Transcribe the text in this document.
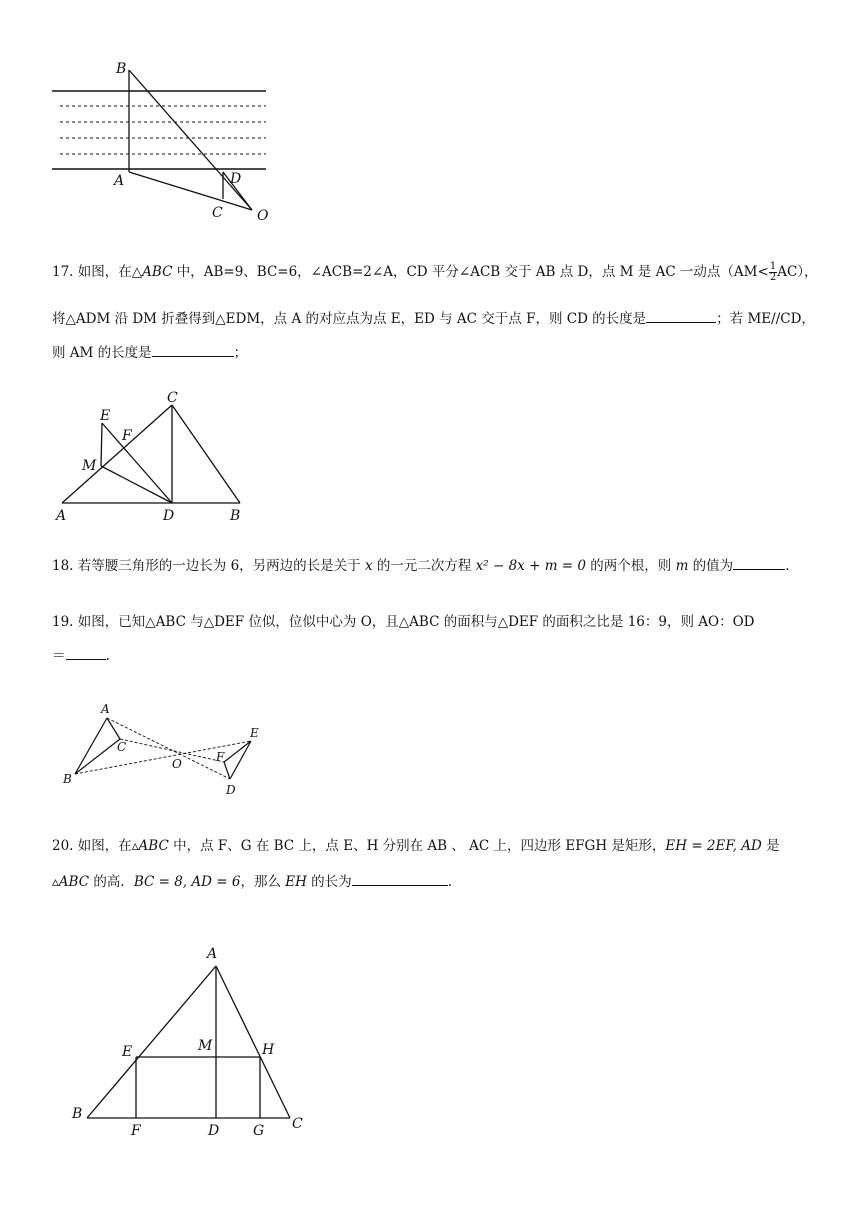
B
A	D
C O
17. 如图，在△ABC 中，AB=9、BC=6，∠ACB=2∠A，CD 平分∠ACB 交于 AB 点 D，点 M 是 AC 一动点$(AM< \frac{1}{2} AC)$，
将△ADM 沿 DM 折叠得到△EDM，点 A 的对应点为点 E，ED 与 AC 交于点 F，则 CD 的长度是	；若 ME//CD，
则 AM 的长度是	；
E
F
M
C
A	D	B
18. 若等腰三角形的一边长为 6，另两边的长是关于 x 的一元二次方程 x² − 8x + m = 0 的两个根，则 m 的值为	.
19. 如图，已知△ABC 与△DEF 位似，位似中心为 O，且△ABC 的面积与△DEF 的面积之比是 16：9，则 AO：OD
＝	.
A
C
B
O
E
F
D
20. 如图，在▵ABC 中，点 F、G 在 BC 上，点 E、H 分别在 AB 、 AC 上，四边形 EFGH 是矩形，EH = 2EF, AD 是
▵ABC 的高．BC = 8, AD = 6，那么 EH 的长为	.
A
E	M	H
B
F	D G C
